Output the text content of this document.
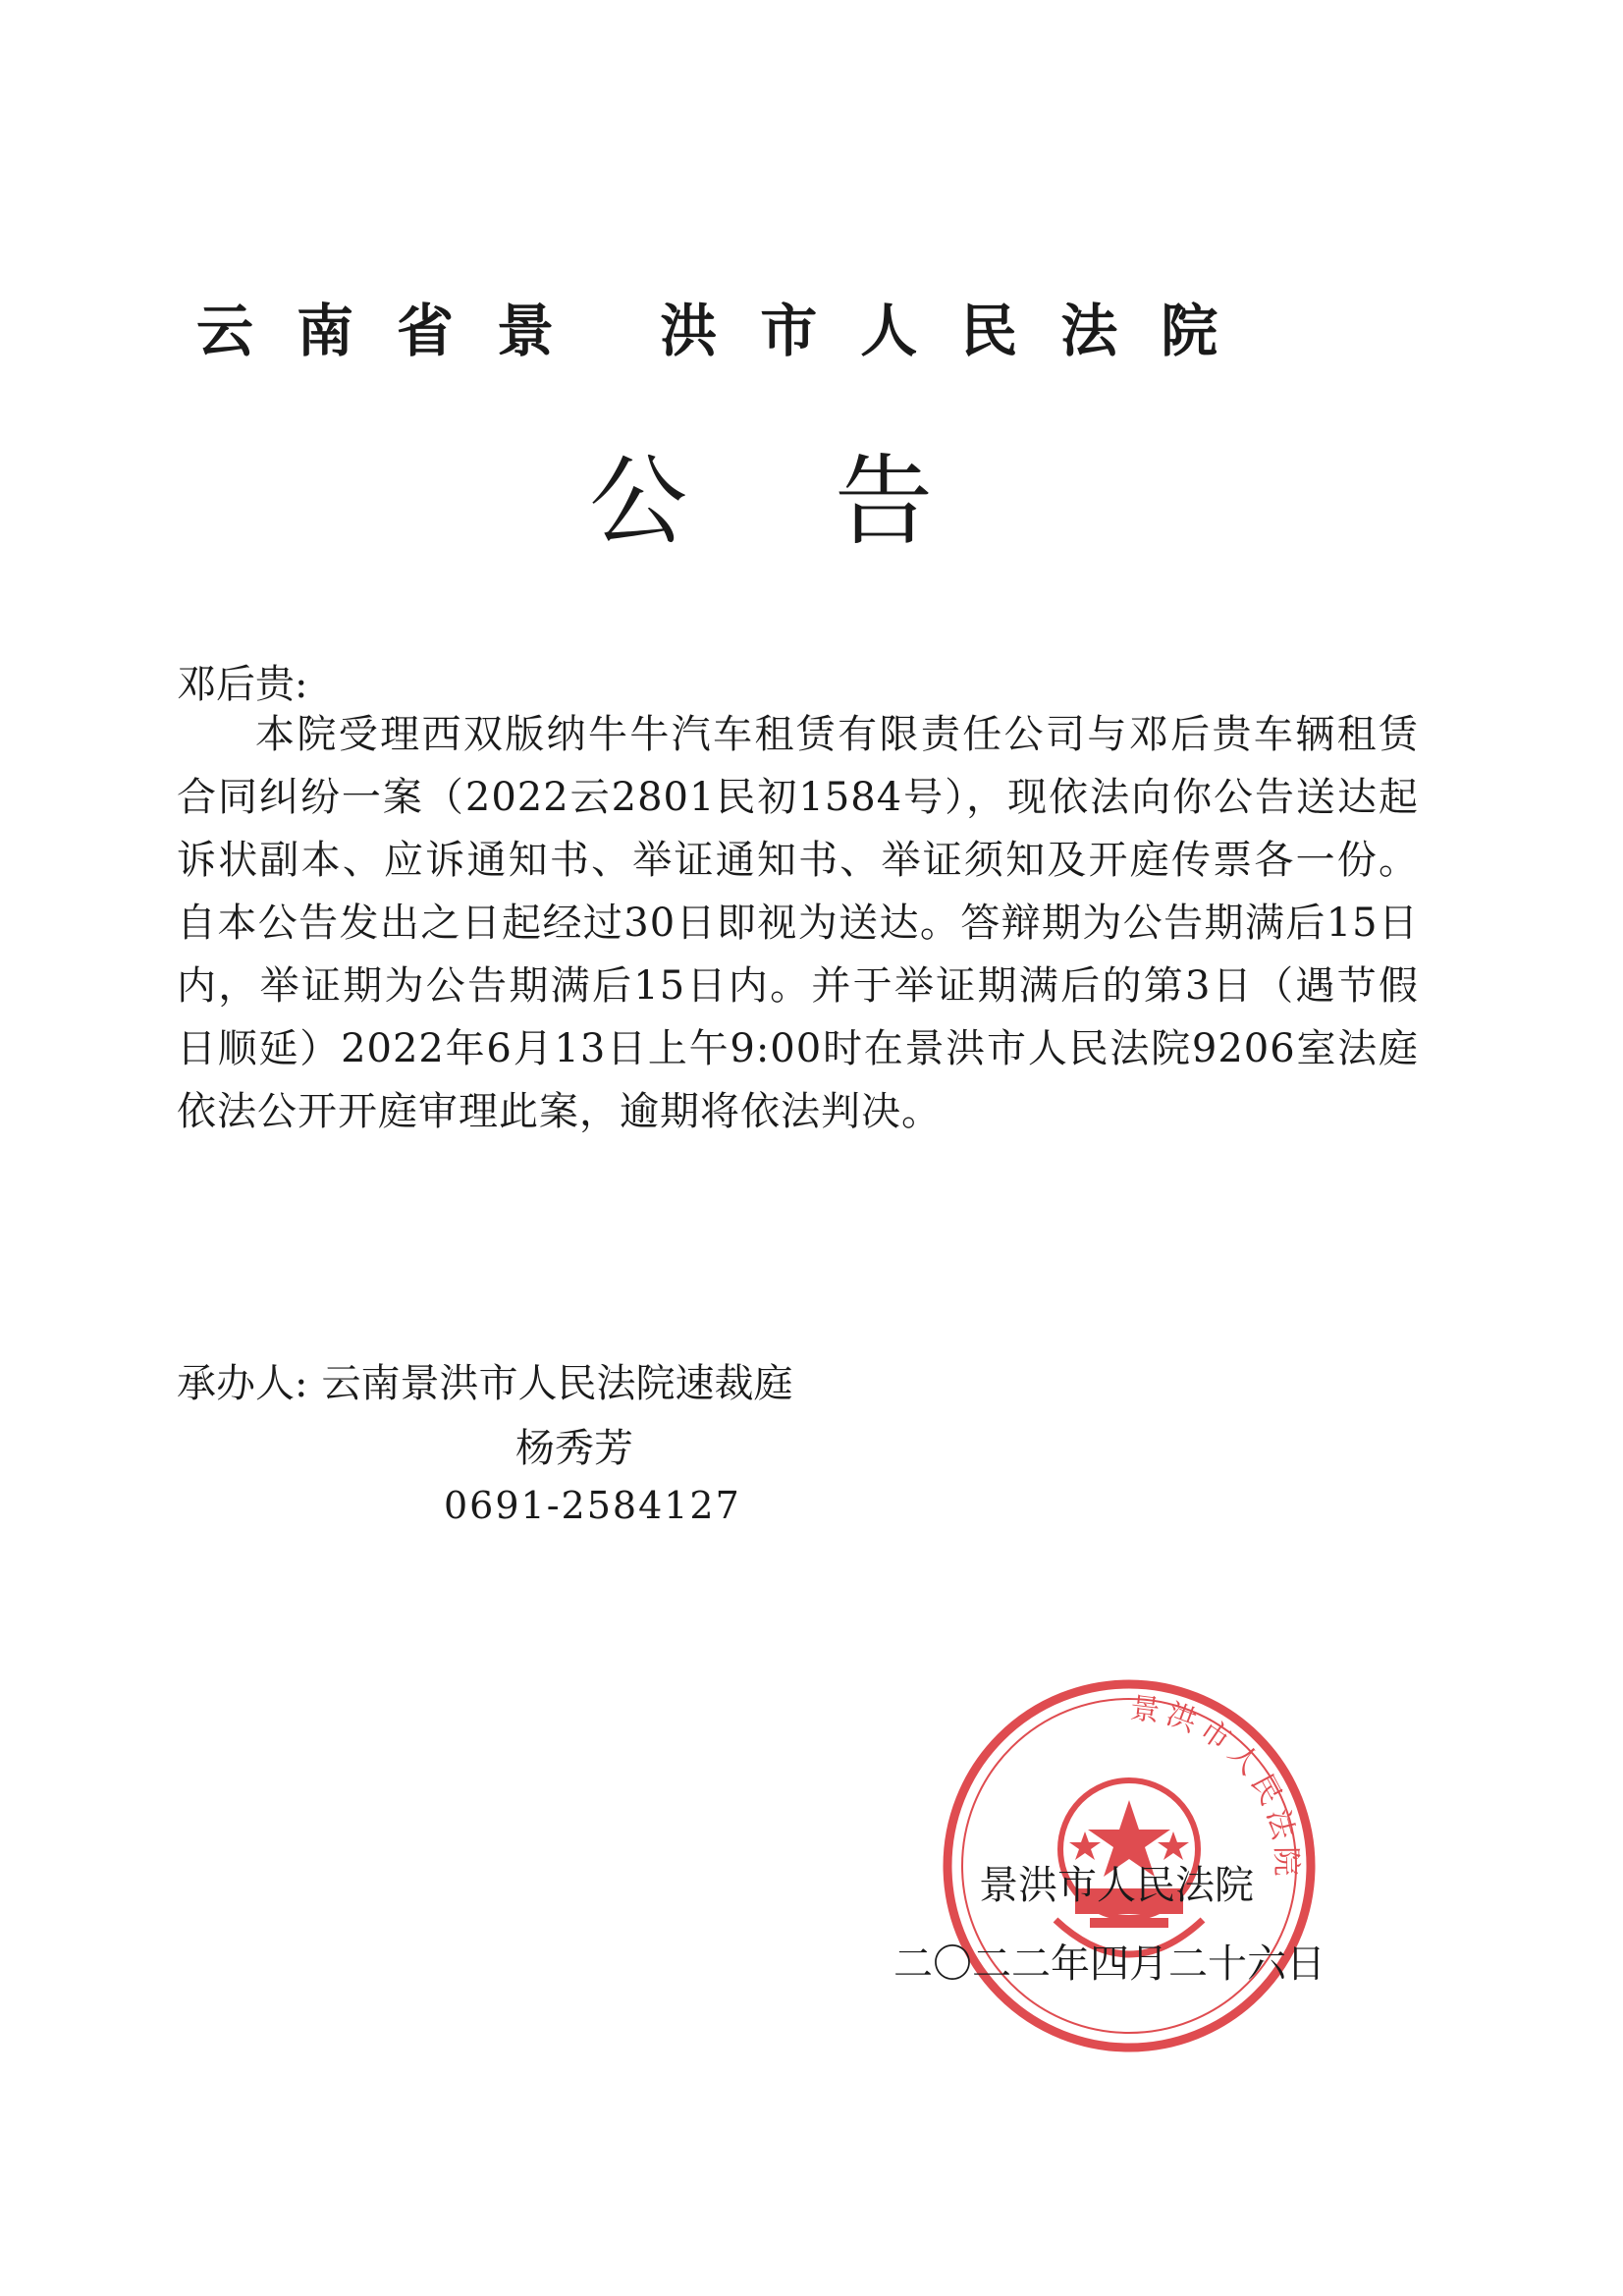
云南省景 洪市人民法院
公告
邓后贵:
本院受理西双版纳牛牛汽车租赁有限责任公司与邓后贵车辆租赁合同纠纷一案（2022云2801民初1584号），现依法向你公告送达起诉状副本、应诉通知书、举证通知书、举证须知及开庭传票各一份。自本公告发出之日起经过30日即视为送达。答辩期为公告期满后15日内，举证期为公告期满后15日内。并于举证期满后的第3日（遇节假日顺延）2022年6月13日上午9:00时在景洪市人民法院9206室法庭依法公开开庭审理此案，逾期将依法判决。
承办人: 云南景洪市人民法院速裁庭
杨秀芳
0691-2584127
景洪市人民法院
景洪市人民法院
二〇二二年四月二十六日
